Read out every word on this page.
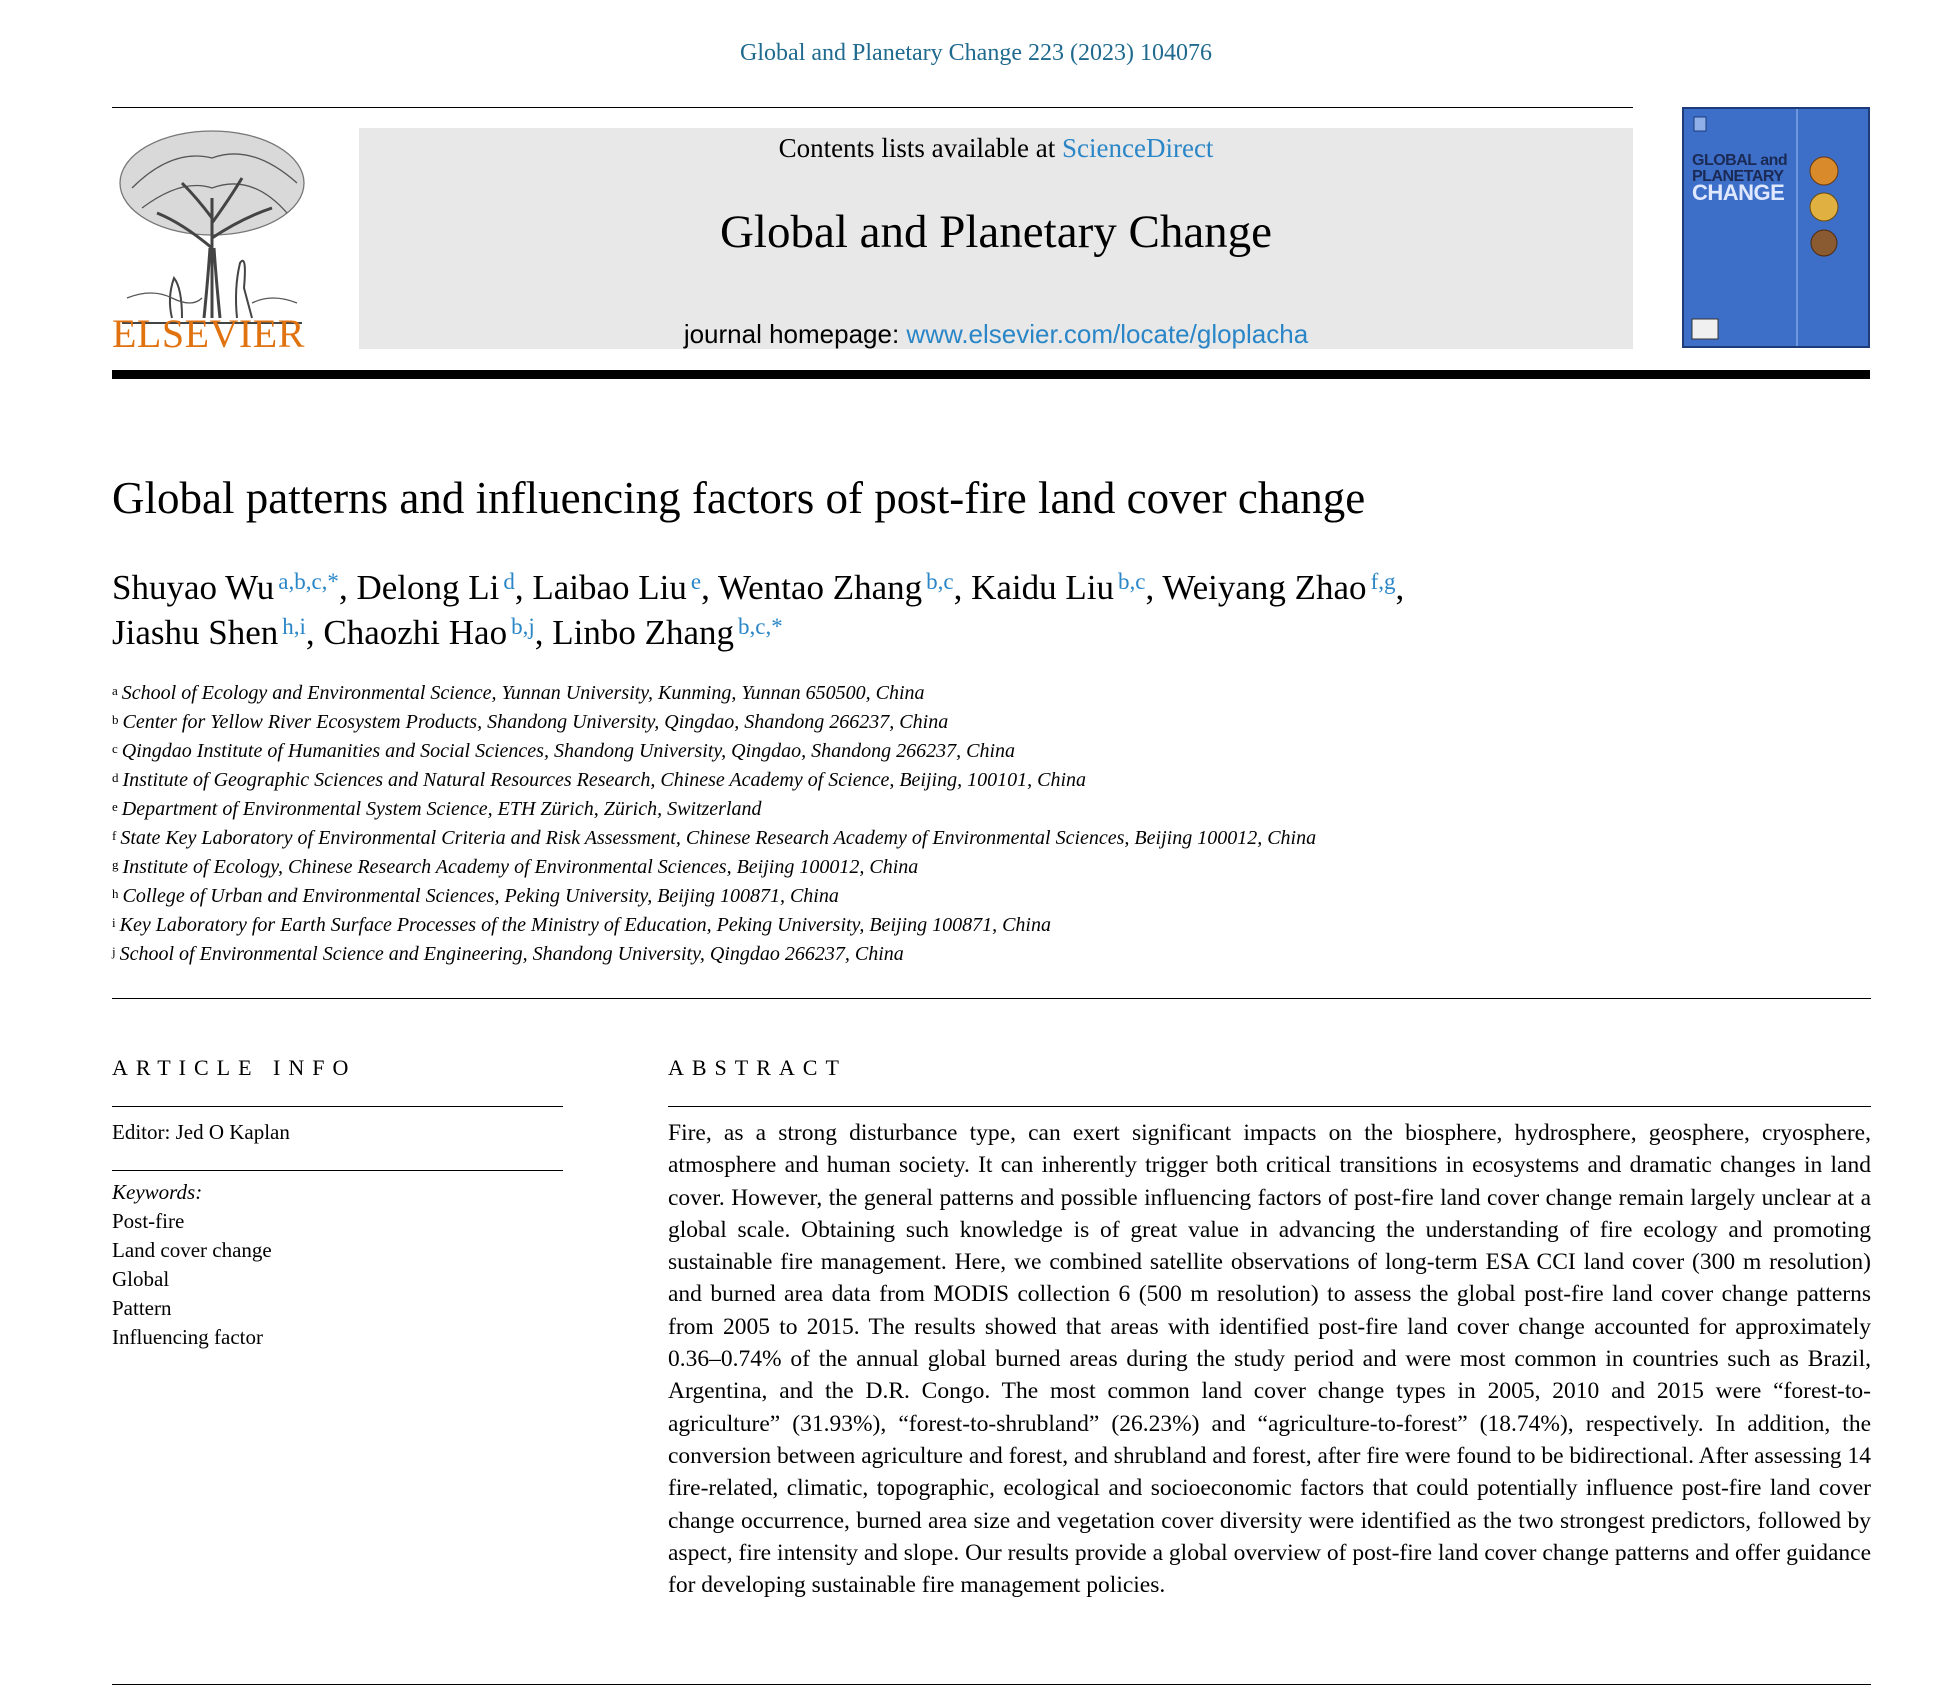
Global and Planetary Change 223 (2023) 104076
ELSEVIER
Contents lists available at ScienceDirect
Global and Planetary Change
journal homepage: www.elsevier.com/locate/gloplacha
GLOBAL and
PLANETARY
CHANGE
Global patterns and influencing factors of post-fire land cover change
Shuyao Wu $^{a,b,c,*}$, Delong Li $^d$, Laibao Liu $^e$, Wentao Zhang $^{b,c}$, Kaidu Liu $^{b,c}$, Weiyang Zhao $^{f,g}$,
Jiashu Shen $^{h,i}$, Chaozhi Hao $^{b,j}$, Linbo Zhang $^{b,c,*}$
$^a$ School of Ecology and Environmental Science, Yunnan University, Kunming, Yunnan 650500, China
$^b$ Center for Yellow River Ecosystem Products, Shandong University, Qingdao, Shandong 266237, China
$^c$ Qingdao Institute of Humanities and Social Sciences, Shandong University, Qingdao, Shandong 266237, China
$^d$ Institute of Geographic Sciences and Natural Resources Research, Chinese Academy of Science, Beijing, 100101, China
$^e$ Department of Environmental System Science, ETH Zürich, Zürich, Switzerland
$^f$ State Key Laboratory of Environmental Criteria and Risk Assessment, Chinese Research Academy of Environmental Sciences, Beijing 100012, China
$^g$ Institute of Ecology, Chinese Research Academy of Environmental Sciences, Beijing 100012, China
$^h$ College of Urban and Environmental Sciences, Peking University, Beijing 100871, China
$^i$ Key Laboratory for Earth Surface Processes of the Ministry of Education, Peking University, Beijing 100871, China
$^j$ School of Environmental Science and Engineering, Shandong University, Qingdao 266237, China
ARTICLE INFO
Editor: Jed O Kaplan
Keywords:
Post-fire
Land cover change
Global
Pattern
Influencing factor
ABSTRACT
Fire, as a strong disturbance type, can exert significant impacts on the biosphere, hydrosphere, geosphere, cryosphere, atmosphere and human society. It can inherently trigger both critical transitions in ecosystems and dramatic changes in land cover. However, the general patterns and possible influencing factors of post-fire land cover change remain largely unclear at a global scale. Obtaining such knowledge is of great value in advancing the understanding of fire ecology and promoting sustainable fire management. Here, we combined satellite observations of long-term ESA CCI land cover (300 m resolution) and burned area data from MODIS collection 6 (500 m resolution) to assess the global post-fire land cover change patterns from 2005 to 2015. The results showed that areas with identified post-fire land cover change accounted for approximately 0.36–0.74% of the annual global burned areas during the study period and were most common in countries such as Brazil, Argentina, and the D.R. Congo. The most common land cover change types in 2005, 2010 and 2015 were “forest-to-agriculture” (31.93%), “forest-to-shrubland” (26.23%) and “agriculture-to-forest” (18.74%), respectively. In addition, the conversion between agriculture and forest, and shrubland and forest, after fire were found to be bidirectional. After assessing 14 fire-related, climatic, topographic, ecological and socioeconomic factors that could potentially influence post-fire land cover change occurrence, burned area size and vegetation cover diversity were identified as the two strongest predictors, followed by aspect, fire intensity and slope. Our results provide a global overview of post-fire land cover change patterns and offer guidance for developing sustainable fire management policies.
